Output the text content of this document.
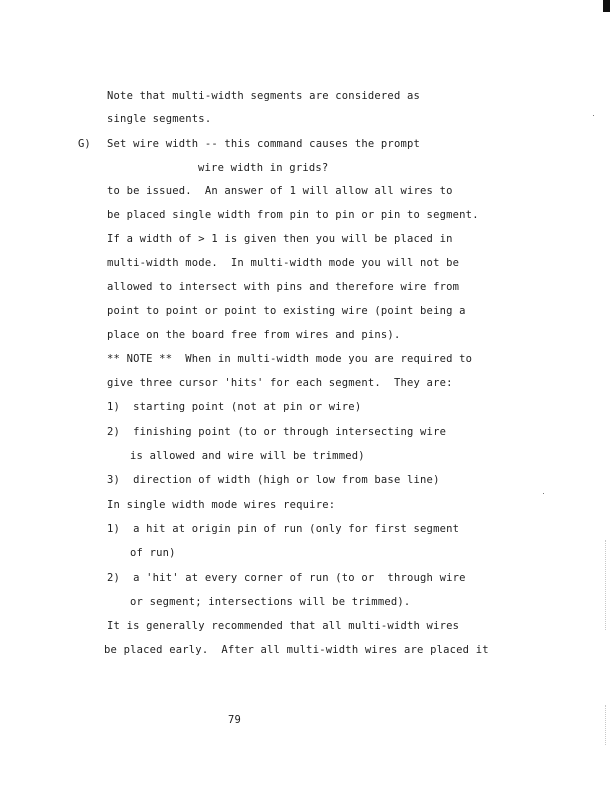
Note that multi-width segments are considered as
single segments.
G) Set wire width -- this command causes the prompt
wire width in grids?
to be issued.  An answer of 1 will allow all wires to
be placed single width from pin to pin or pin to segment.
If a width of > 1 is given then you will be placed in
multi-width mode.  In multi-width mode you will not be
allowed to intersect with pins and therefore wire from
point to point or point to existing wire (point being a
place on the board free from wires and pins).
** NOTE **  When in multi-width mode you are required to
give three cursor 'hits' for each segment.  They are:
1)  starting point (not at pin or wire)
2)  finishing point (to or through intersecting wire
is allowed and wire will be trimmed)
3)  direction of width (high or low from base line)
In single width mode wires require:
1)  a hit at origin pin of run (only for first segment
of run)
2)  a 'hit' at every corner of run (to or  through wire
or segment; intersections will be trimmed).
It is generally recommended that all multi-width wires
be placed early.  After all multi-width wires are placed it
79
